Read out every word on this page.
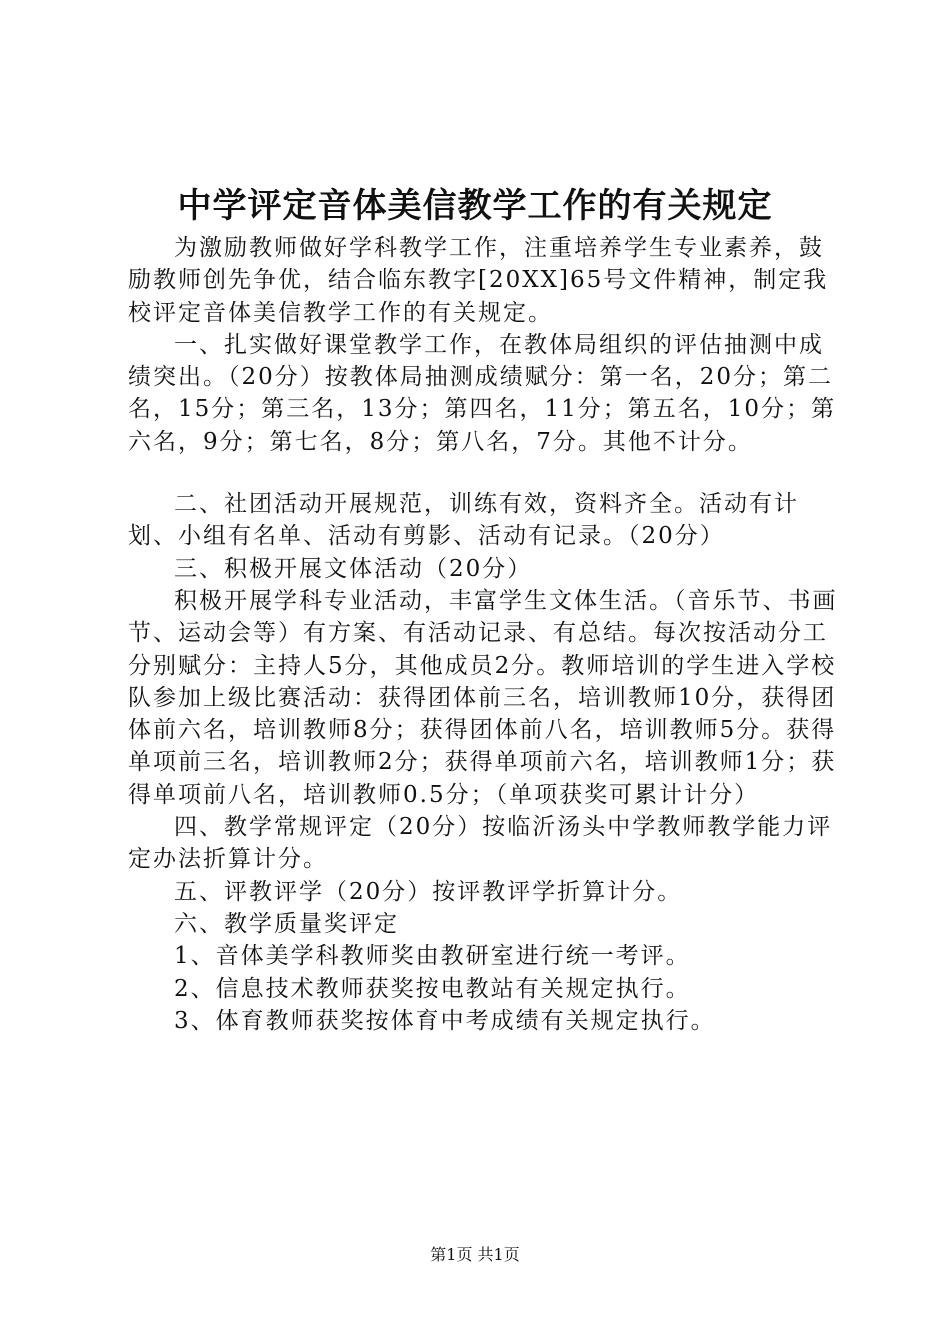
中学评定音体美信教学工作的有关规定

为激励教师做好学科教学工作，注重培养学生专业素养，鼓励教师创先争优，结合临东教字[20XX]65号文件精神，制定我校评定音体美信教学工作的有关规定。

一、扎实做好课堂教学工作，在教体局组织的评估抽测中成绩突出。（20分）按教体局抽测成绩赋分：第一名，20分；第二名，15分；第三名，13分；第四名，11分；第五名，10分；第六名，9分；第七名，8分；第八名，7分。其他不计分。

二、社团活动开展规范，训练有效，资料齐全。活动有计划、小组有名单、活动有剪影、活动有记录。（20分）

三、积极开展文体活动（20分）

积极开展学科专业活动，丰富学生文体生活。（音乐节、书画节、运动会等）有方案、有活动记录、有总结。每次按活动分工分别赋分：主持人5分，其他成员2分。教师培训的学生进入学校队参加上级比赛活动：获得团体前三名，培训教师10分，获得团体前六名，培训教师8分；获得团体前八名，培训教师5分。获得单项前三名，培训教师2分；获得单项前六名，培训教师1分；获得单项前八名，培训教师0.5分；（单项获奖可累计计分）

四、教学常规评定（20分）按临沂汤头中学教师教学能力评定办法折算计分。

五、评教评学（20分）按评教评学折算计分。

六、教学质量奖评定

1、音体美学科教师奖由教研室进行统一考评。

2、信息技术教师获奖按电教站有关规定执行。

3、体育教师获奖按体育中考成绩有关规定执行。

第1页 共1页
